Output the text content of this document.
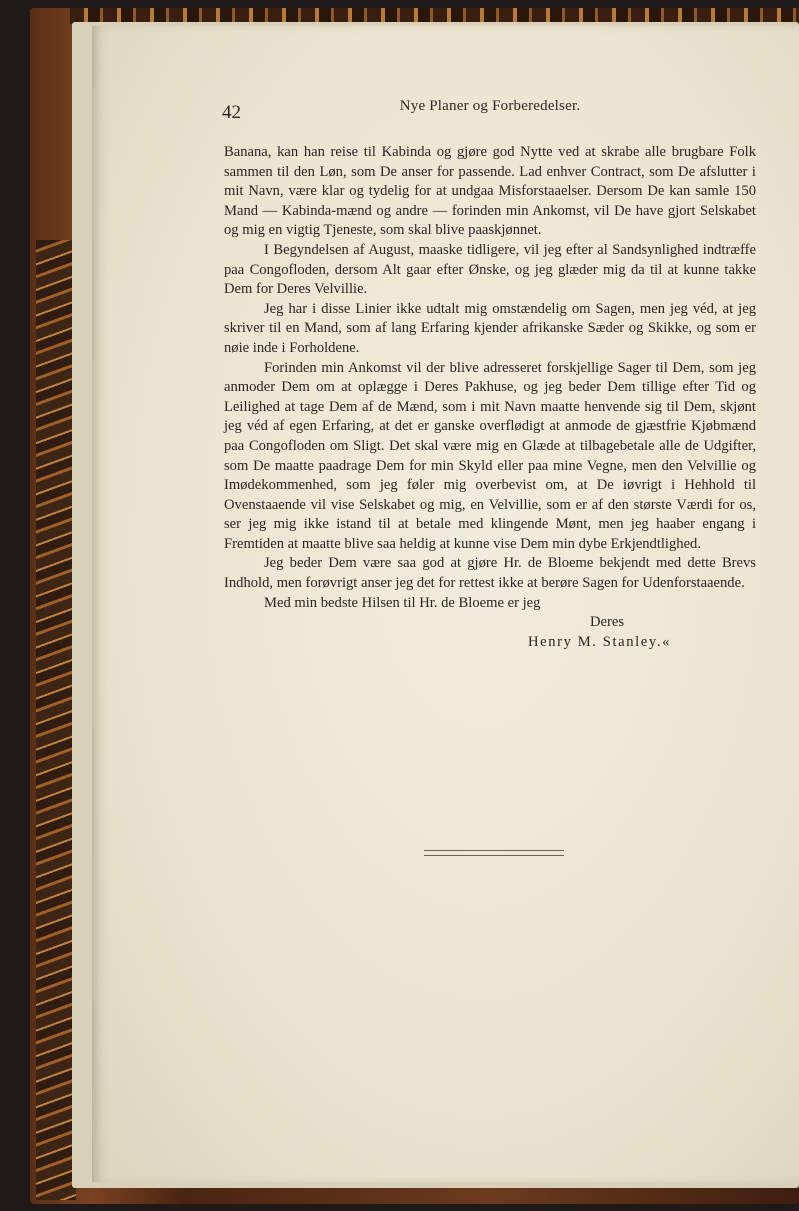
42	Nye Planer og Forberedelser.

Banana, kan han reise til Kabinda og gjøre god Nytte ved at skrabe alle brugbare Folk sammen til den Løn, som De anser for passende. Lad enhver Contract, som De afslutter i mit Navn, være klar og tydelig for at undgaa Misforstaaelser. Dersom De kan samle 150 Mand — Kabinda-mænd og andre — forinden min Ankomst, vil De have gjort Selskabet og mig en vigtig Tjeneste, som skal blive paaskjønnet.

I Begyndelsen af August, maaske tidligere, vil jeg efter al Sandsynlighed indtræffe paa Congofloden, dersom Alt gaar efter Ønske, og jeg glæder mig da til at kunne takke Dem for Deres Velvillie.

Jeg har i disse Linier ikke udtalt mig omstændelig om Sagen, men jeg véd, at jeg skriver til en Mand, som af lang Erfaring kjender afrikanske Sæder og Skikke, og som er nøie inde i Forholdene.

Forinden min Ankomst vil der blive adresseret forskjellige Sager til Dem, som jeg anmoder Dem om at oplægge i Deres Pakhuse, og jeg beder Dem tillige efter Tid og Leilighed at tage Dem af de Mænd, som i mit Navn maatte henvende sig til Dem, skjønt jeg véd af egen Erfaring, at det er ganske overflødigt at anmode de gjæstfrie Kjøbmænd paa Congofloden om Sligt. Det skal være mig en Glæde at tilbagebetale alle de Udgifter, som De maatte paadrage Dem for min Skyld eller paa mine Vegne, men den Velvillie og Imødekommenhed, som jeg føler mig overbevist om, at De iøvrigt i Hehhold til Ovenstaaende vil vise Selskabet og mig, en Velvillie, som er af den største Værdi for os, ser jeg mig ikke istand til at betale med klingende Mønt, men jeg haaber engang i Fremtiden at maatte blive saa heldig at kunne vise Dem min dybe Erkjendtlighed.

Jeg beder Dem være saa god at gjøre Hr. de Bloeme bekjendt med dette Brevs Indhold, men forøvrigt anser jeg det for rettest ikke at berøre Sagen for Udenforstaaende.

Med min bedste Hilsen til Hr. de Bloeme er jeg

Deres

Henry M. Stanley.«
